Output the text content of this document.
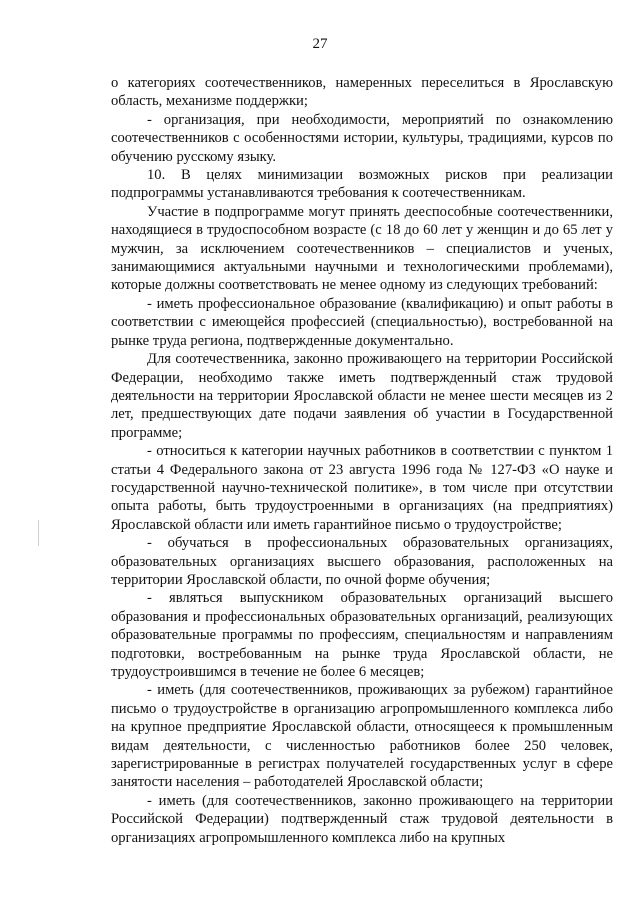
27

о категориях соотечественников, намеренных переселиться в Ярославскую область, механизме поддержки;

- организация, при необходимости, мероприятий по ознакомлению соотечественников с особенностями истории, культуры, традициями, курсов по обучению русскому языку.

10. В целях минимизации возможных рисков при реализации подпрограммы устанавливаются требования к соотечественникам.

Участие в подпрограмме могут принять дееспособные соотечественники, находящиеся в трудоспособном возрасте (с 18 до 60 лет у женщин и до 65 лет у мужчин, за исключением соотечественников – специалистов и ученых, занимающимися актуальными научными и технологическими проблемами), которые должны соответствовать не менее одному из следующих требований:

- иметь профессиональное образование (квалификацию) и опыт работы в соответствии с имеющейся профессией (специальностью), востребованной на рынке труда региона, подтвержденные документально.

Для соотечественника, законно проживающего на территории Российской Федерации, необходимо также иметь подтвержденный стаж трудовой деятельности на территории Ярославской области не менее шести месяцев из 2 лет, предшествующих дате подачи заявления об участии в Государственной программе;

- относиться к категории научных работников в соответствии с пунктом 1 статьи 4 Федерального закона от 23 августа 1996 года № 127-ФЗ «О науке и государственной научно-технической политике», в том числе при отсутствии опыта работы, быть трудоустроенными в организациях (на предприятиях) Ярославской области или иметь гарантийное письмо о трудоустройстве;

- обучаться в профессиональных образовательных организациях, образовательных организациях высшего образования, расположенных на территории Ярославской области, по очной форме обучения;

- являться выпускником образовательных организаций высшего образования и профессиональных образовательных организаций, реализующих образовательные программы по профессиям, специальностям и направлениям подготовки, востребованным на рынке труда Ярославской области, не трудоустроившимся в течение не более 6 месяцев;

- иметь (для соотечественников, проживающих за рубежом) гарантийное письмо о трудоустройстве в организацию агропромышленного комплекса либо на крупное предприятие Ярославской области, относящееся к промышленным видам деятельности, с численностью работников более 250 человек, зарегистрированные в регистрах получателей государственных услуг в сфере занятости населения – работодателей Ярославской области;

- иметь (для соотечественников, законно проживающего на территории Российской Федерации) подтвержденный стаж трудовой деятельности в организациях агропромышленного комплекса либо на крупных
